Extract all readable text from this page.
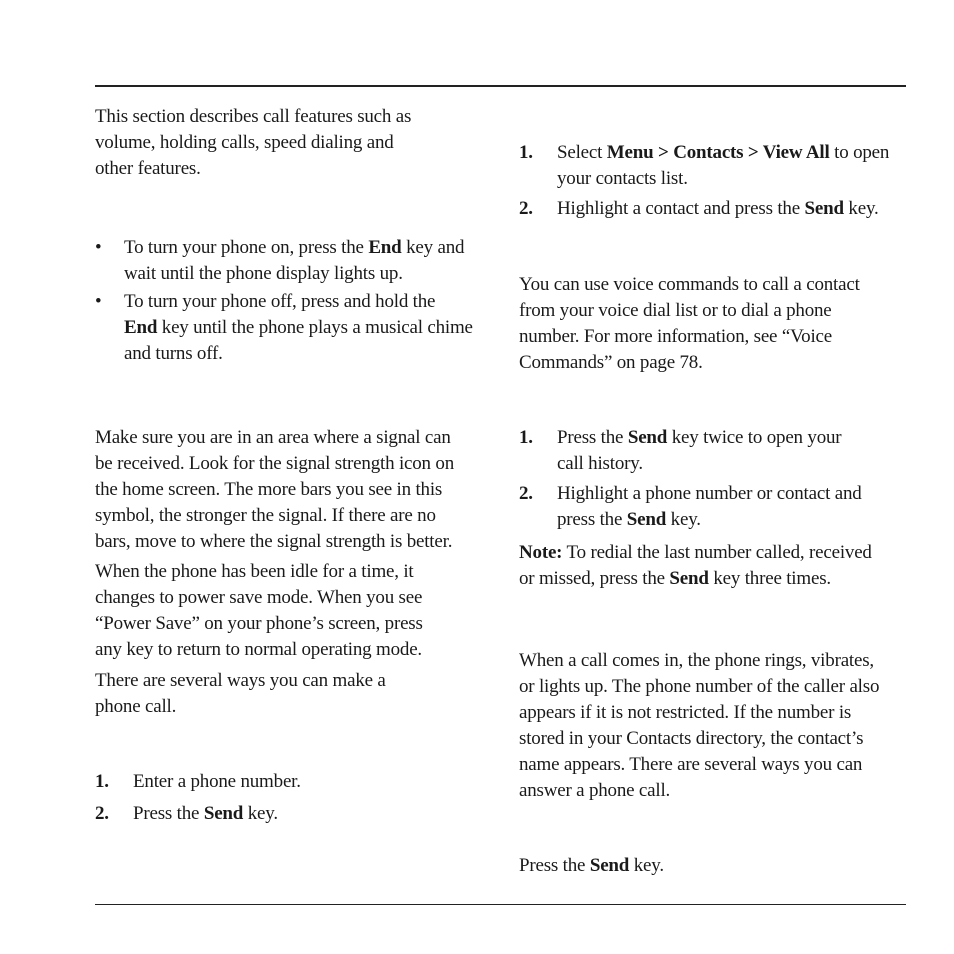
This section describes call features such as

volume, holding calls, speed dialing and

other features.

• To turn your phone on, press the End key and

wait until the phone display lights up.

• To turn your phone off, press and hold the

End key until the phone plays a musical chime

and turns off.

Make sure you are in an area where a signal can

be received. Look for the signal strength icon on

the home screen. The more bars you see in this

symbol, the stronger the signal. If there are no

bars, move to where the signal strength is better.

When the phone has been idle for a time, it

changes to power save mode. When you see

“Power Save” on your phone’s screen, press

any key to return to normal operating mode.

There are several ways you can make a

phone call.

1. Enter a phone number.

2. Press the Send key.

1. Select Menu > Contacts > View All to open

your contacts list.

2. Highlight a contact and press the Send key.

You can use voice commands to call a contact

from your voice dial list or to dial a phone

number. For more information, see “Voice

Commands” on page 78.

1. Press the Send key twice to open your

call history.

2. Highlight a phone number or contact and

press the Send key.

Note: To redial the last number called, received

or missed, press the Send key three times.

When a call comes in, the phone rings, vibrates,

or lights up. The phone number of the caller also

appears if it is not restricted. If the number is

stored in your Contacts directory, the contact’s

name appears. There are several ways you can

answer a phone call.

Press the Send key.
